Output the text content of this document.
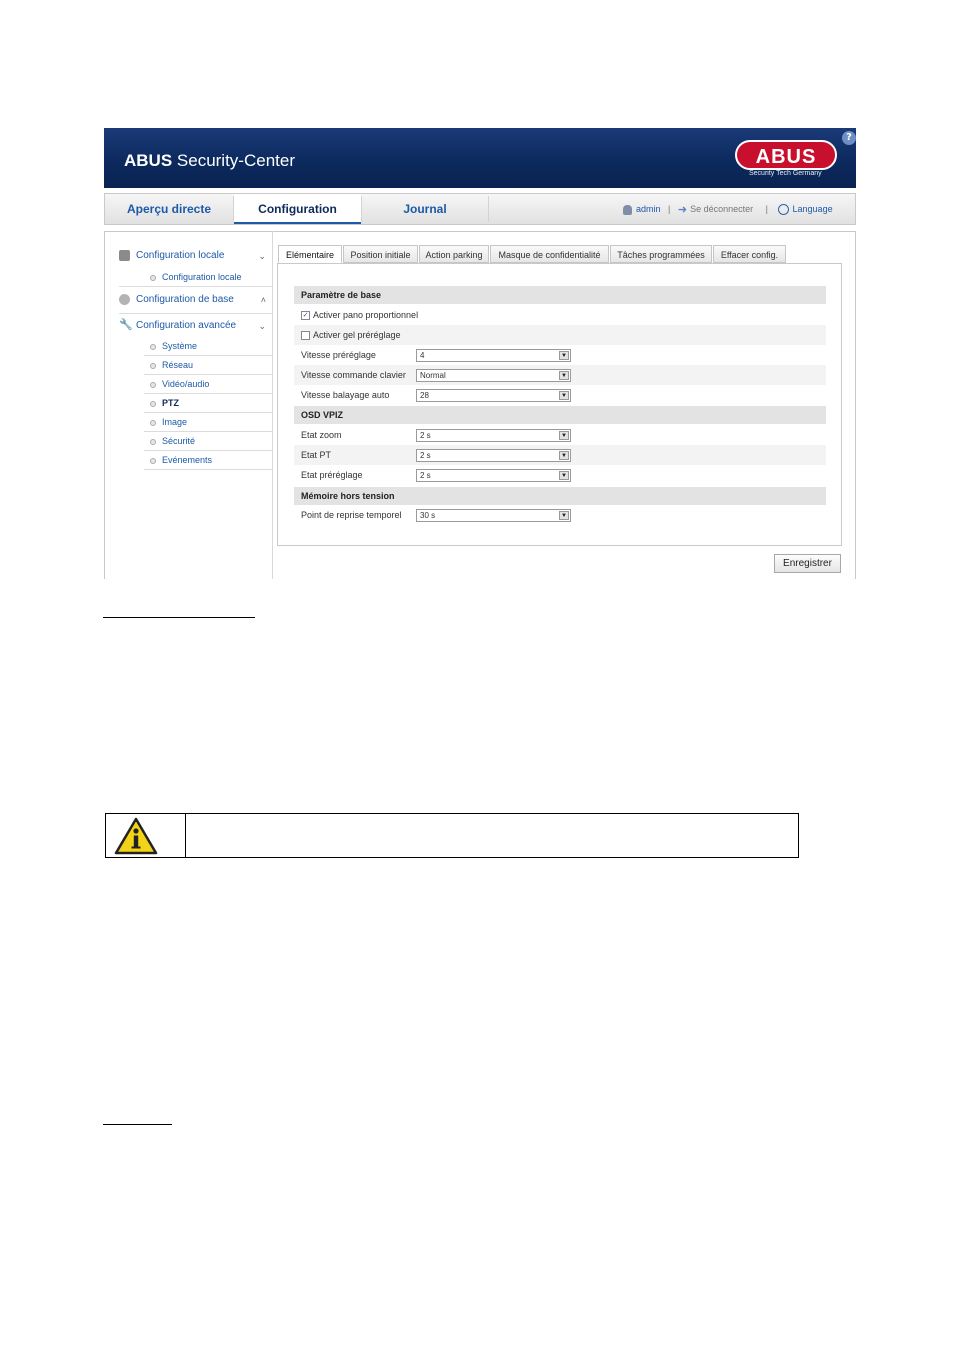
ABUS Security-Center	ABUS
Security Tech Germany
?
Aperçu directe	Configuration	Journal	admin | ➜ Se déconnecter |	Language
Configuration locale	⌄
Configuration locale
Configuration de base	˄
🔧 Configuration avancée ⌄
Système
Réseau
Vidéo/audio
PTZ
Image
Sécurité
Evénements
Elémentaire	Position initiale	Action parking	Masque de confidentialité	Tâches programmées	Effacer config.
Paramètre de base
✓ Activer pano proportionnel
Activer gel préréglage
Vitesse préréglage	4	▼
Vitesse commande clavier	Normal	▼
Vitesse balayage auto	28	▼
OSD VPIZ
Etat zoom	2 s	▼
Etat PT	2 s	▼
Etat préréglage	2 s	▼
Mémoire hors tension
Point de reprise temporel	30 s	▼
Enregistrer
